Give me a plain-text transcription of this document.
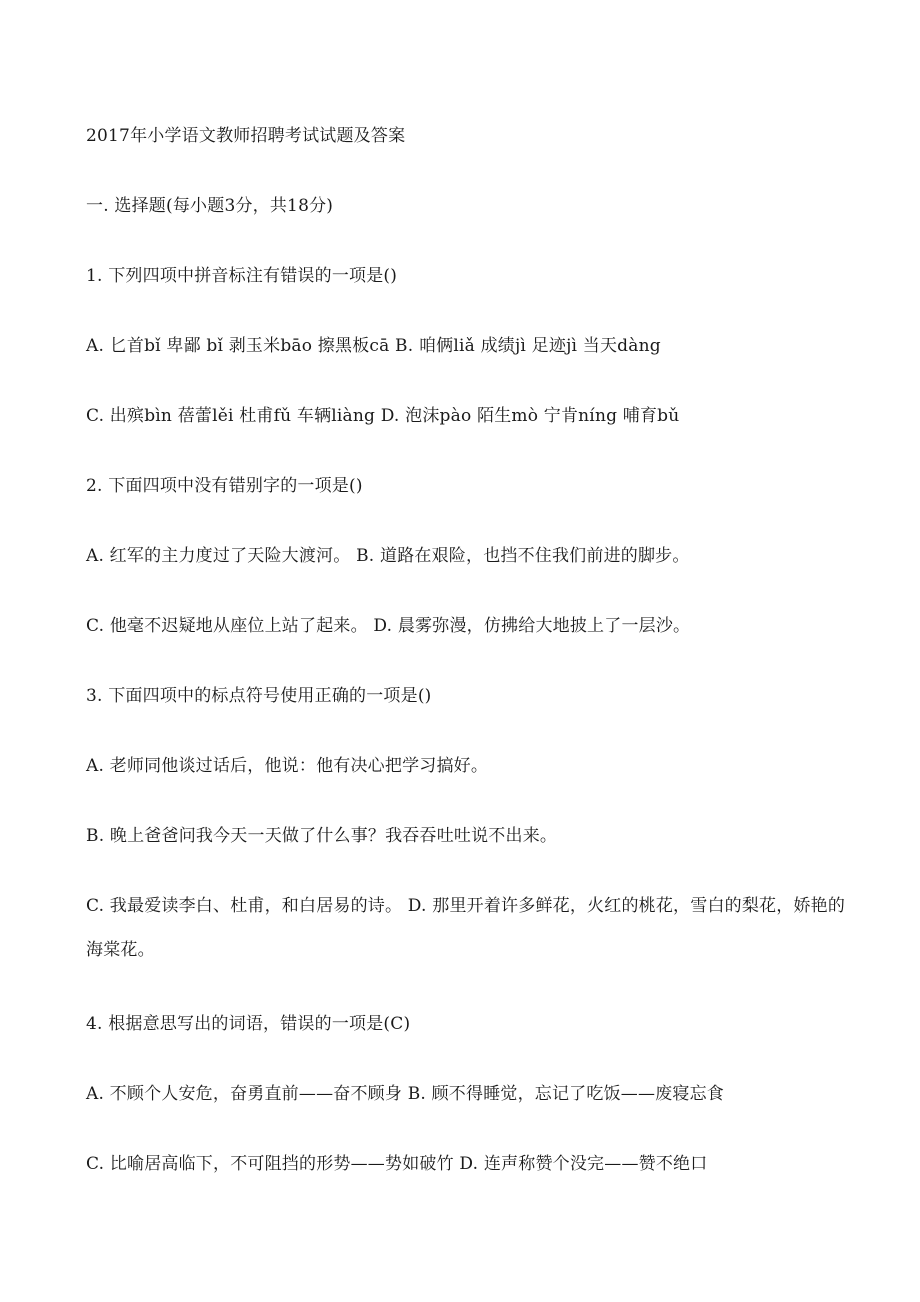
2017年小学语文教师招聘考试试题及答案
一. 选择题(每小题3分，共18分)
1. 下列四项中拼音标注有错误的一项是()
A. 匕首bǐ 卑鄙 bǐ 剥玉米bāo 擦黑板cā B. 咱俩liǎ 成绩jì 足迹jì 当天dàng
C. 出殡bìn 蓓蕾lěi 杜甫fǔ 车辆liàng D. 泡沫pào 陌生mò 宁肯níng 哺育bǔ
2. 下面四项中没有错别字的一项是()
A. 红军的主力度过了天险大渡河。 B. 道路在艰险，也挡不住我们前进的脚步。
C. 他毫不迟疑地从座位上站了起来。 D. 晨雾弥漫，仿拂给大地披上了一层沙。
3. 下面四项中的标点符号使用正确的一项是()
A. 老师同他谈过话后，他说：他有决心把学习搞好。
B. 晚上爸爸问我今天一天做了什么事？我吞吞吐吐说不出来。
C. 我最爱读李白、杜甫，和白居易的诗。 D. 那里开着许多鲜花，火红的桃花，雪白的梨花，娇艳的海棠花。
4. 根据意思写出的词语，错误的一项是(C)
A. 不顾个人安危，奋勇直前——奋不顾身 B. 顾不得睡觉，忘记了吃饭——废寝忘食
C. 比喻居高临下，不可阻挡的形势——势如破竹 D. 连声称赞个没完——赞不绝口
